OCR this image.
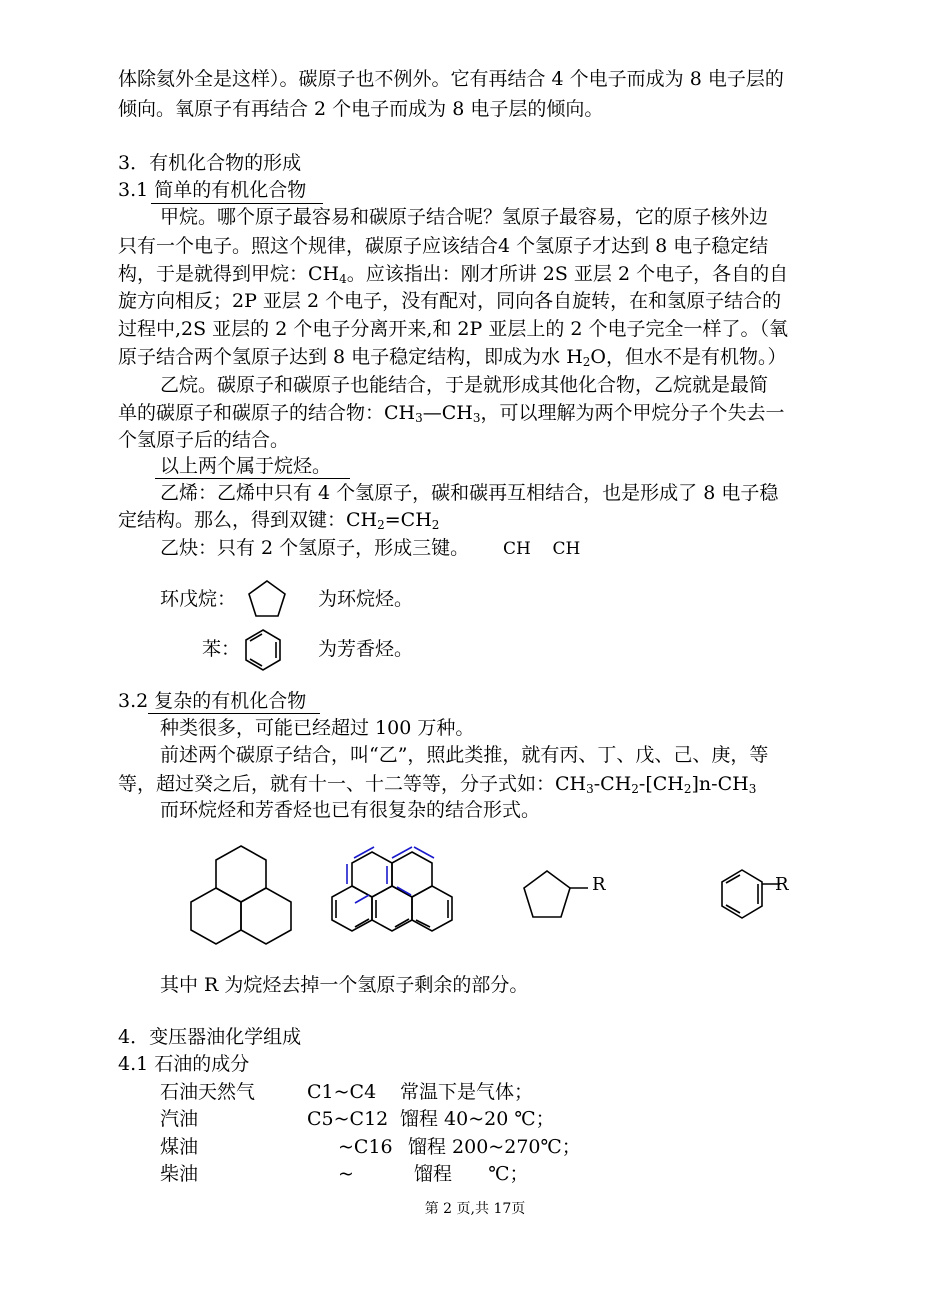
体除氦外全是这样）。碳原子也不例外。它有再结合 4 个电子而成为 8 电子层的
倾向。氧原子有再结合 2 个电子而成为 8 电子层的倾向。
3．有机化合物的形成
3.1 简单的有机化合物
甲烷。哪个原子最容易和碳原子结合呢？氢原子最容易，它的原子核外边
只有一个电子。照这个规律，碳原子应该结合4 个氢原子才达到 8 电子稳定结
构，于是就得到甲烷：$CH_4$。应该指出：刚才所讲 2S 亚层 2 个电子，各自的自
旋方向相反；2P 亚层 2 个电子，没有配对，同向各自旋转，在和氢原子结合的
过程中,2S 亚层的 2 个电子分离开来,和 2P 亚层上的 2 个电子完全一样了。（氧
原子结合两个氢原子达到 8 电子稳定结构，即成为水 $H_2O$，但水不是有机物。）
乙烷。碳原子和碳原子也能结合，于是就形成其他化合物，乙烷就是最简
单的碳原子和碳原子的结合物：$CH_3—CH_3$，可以理解为两个甲烷分子个失去一
个氢原子后的结合。
以上两个属于烷烃。
乙烯：乙烯中只有 4 个氢原子，碳和碳再互相结合，也是形成了 8 电子稳
定结构。那么，得到双键：$CH_2=CH_2$
乙炔：只有 2 个氢原子，形成三键。 CH    CH
环戊烷：	为环烷烃。
苯：	为芳香烃。
3.2 复杂的有机化合物
种类很多，可能已经超过 100 万种。
前述两个碳原子结合，叫“乙”，照此类推，就有丙、丁、戊、己、庚，等
等，超过癸之后，就有十一、十二等等，分子式如：$CH_3-CH_2-[CH_2]n-CH_3$
而环烷烃和芳香烃也已有很复杂的结合形式。
R	R
其中 R 为烷烃去掉一个氢原子剩余的部分。
4．变压器油化学组成
4.1 石油的成分
石油天然气	C1~C4 常温下是气体；
汽油	C5~C12 馏程 40~20 ℃；
煤油	~C16 馏程 200~270℃；
柴油	~	馏程      ℃；
第 2 页,共 17页
